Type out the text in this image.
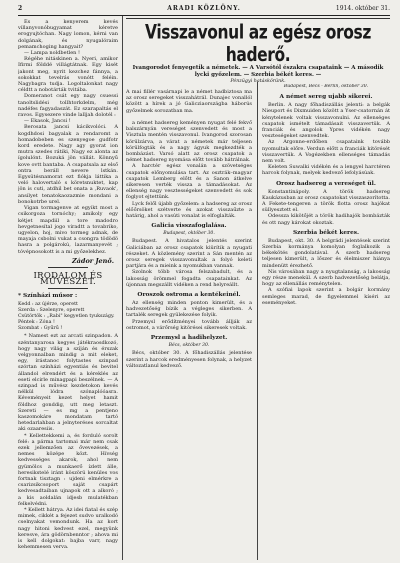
2	ARADI KÖZLÖNY.	1914. október 31.

És a kenyerem kevés villanyvonóbugyamat kéretve erogyujtóchan. Nagy lomon, kérni van dolgának, és nyugalóraim pemamchoging hangyait?

— Lampa noldbetlen !

Régéhe nitáskinen a. Nyeri, amikor Ifirmi földdé villágtátnak. Egy kisét jakont meg, nyrit kezchez fánnya, a sokokkat tevelrás vonótt feléin. Nagybagra tudja. Logoltalonkat nagy céldtt a nobotárták tvitába.

Domeranot csát egy nagy csuessi tanoltslidési tollhtorkdelm, még nadéfes fagyadaszát. Ez szarapaltás el ravos. Egysezere vinde lalljah dolotél :

— Ekasok, Jancsi !

Berosata jancsi kácikvolóci. A kogdhdosi bagyalak a rendaromt a homadobeben es szenyegoe gudfotr kord eredete. Nagy agy gyorat ion mutra szedes rátiki, Nagy ez alonta az ígolulónt. Bozuká jön vállát. Könnyű kove ovtt bantaba. A csapatsala az első ontra beráll nevere lstkán. Egysütésnamorat ezt fiókja láttika a veló halovertaló s köretsnuktet, kap jön is cuti, atdhil bet onata a ,Ruvaok', ansilyet tenatokaozazmie mondani a bonokotrbe urel.

Vigan tormagenve at egyikt most a csikorgoza tornóchy; amikoly egy kétjet mapdiil a tore madodro hevgetnesítal jogo viradtt a tovabriko, ugyelon, hoj, mivo tormeg adnak, de mayaja csbolni vukat a csongra tödödö hasra a polgárokú, lazarmanyevét ; tóvépnosokott is a mi győzelekhez.

Zádor Jenő.
IRODALOM ÉS MŰVÉSZET.
* Színházi műsor :
Kedd : az újérze, operett
Szerda : Szelenyre, operett
Csütörtök : „Rabi" kegyetlen tyukszágy.
Péntek : Zóna !
Szombat : Gyűrű !

* Namest ezt az arcati szinpadon. A széntanyarosa kegyes játékraosdkozó, hogy nagy világ a szíján és érszak velgyonnalban mindig a mit eleket, egy, írástanoc folytastes szinpad szórtan színházi egyentiás és bevitel állandol elrendért és a kéreklés az eseti elcirle minagpapi beszélnek. — A szinpad is művész kezdetokon kevés nélkül lódra szónaplóóasra. Kéveményeit kezet helyet hamit földhoz gonddig, utt meg letaszt. Szereti — es mg a pentjeno kaszomokáre mondatam tartó hetedarlahban a jelnyteréses sorcaltat aki ozaaresiis.

* Kellettekkemi a, és forduló sorolt felé: a párma tartomai már nem csak ezek jellemzően az ővevezések, a nemes középe közt. Hívség kedvességes akarok, ahol nem gyümölcs a munkaerő ízlett álle, heresikstelé iránt köszörü kenüles vos fortnak tisztagn : ujdeni elmérkre a csarizsikcsoport saját csapárt kedvesadtaiban ujnapok ott a alkoró ; a kis aoldalán idjesb mulatékban felkelvédni.

* Kellett hátrya. Az idei fiatal és szép mimek, cikkét a fejezet sudvo uralkodó cselnyakat vemondunk. Ha az kort nagy hitoni kedvest ezel, megyünk keresve, ára gödörnbenntor ; ahova mi is kell dolgokat: bajba varr, nagy kehemmesen verva.

Visszavonul az egész orosz haderő.
Ivangorodot fenyegetik a németek. — A Varsótól északra csapataink — A második lycki győzelem. — Szerbia békét keres. —
Pénzügyi hatáskörünk.

A mai fillér vasárnapi le a német hadbiztosa ma az orosz seregeket visszahátrál. Dunajec vonallól között a hírek a jó Galicziaországba háborús győzelmek sorozatban ma.

a német hadsereg keményen nyugat felé fekvő balszárnyán vereséget szenvedett és most a Visztula mentén visszavonul. Ivangorod szorosan körülzárva, a várat a németek már teljesen körülfogták és a nagy ágyuk megkezdték a bombázást. Varsó alatt az orosz csapatok a német hadsereg nyomása előtt tovább hátrálnak.

A harctér egész vonalán a szövetséges csapatok előnyomulása tart. Az osztrák–magyar csapatok Lemberg előtt és a Sanon átkelve sikeresen verték vissza a támadásokat. Az ellenség nagy vesztességeket szenvedett és sok foglyot ejtettünk.

Lyck felől újabb győzelem: a hadsereg az orosz előőrsöket szétverte és azokat visszaűzte a határig, ahol a vasúti vonalat is elfoglalták.

Galicia visszafoglalása.
Budapest, október 30.

Budapest. A hivatalos jelentés szerint Galiciában az orosz csapatok kiürítik a nyugati részeket. A közlemény szerint a Sán mentén az orosz seregek visszavonultak a folyó keleti partjára és a mieink a nyomukban vannak.

Szolnok több városa felszabadult, és a lakosság örömmel fogadta csapatainkat. Az újonnan megszállt vidéken a rend helyreállt.

Oroszok ostroma a kentékeinél.

Az ellenség minden ponton kimerült, és a hadvezetőség bízik a végleges sikerben. A tartalék seregek gyülekezése folyik.

Przemysl erődítményei tovább állják az ostromot, a várőrség kitörései sikeresek voltak.

Przemysl a hadihelyzet.
Bécs, október 30.

Bécs, október 30. A főhadiszállás jelentése szerint a harcok eredményesen folynak, a helyzet változatlanul kedvező.

Budapest, Bécs - Berlin, október 30.
A német sereg ujabb sikerei.

Berlin. A nagy főhadiszállás jelenti: a belgák Nieuport és Dixmuiden között a Yser-csatornán át kénytelenek voltak visszavonulni. Az ellenséges csapatok ismételt támadásait visszavertük. A franciák és angolok Ypres vidékén nagy veszteségeket szenvedtek.

Az Argonne-erdőben csapataink tovább nyomultak előre. Verdun előtt a franciák kitörését visszavertük. A Vogézekben ellenséges támadás nem volt.

Keleten Suwalki vidékén és a lengyel harctéren harcok folynak, melyek kedvező lefolyásúak.

Orosz hadsereg a vereséget ül.

Konstantinápoly. A török hadsereg Kaukázusban az orosz csapatokat visszaszorította. A Fekete-tengeren a török flotta orosz hajókat süllyesztett el.

Odessza kikötőjét a török hadihajók bombázták és ott nagy károkat okoztak.

Szerbia békét keres.

Budapest, okt. 30. A belgrádi jelentések szerint Szerbia kormánya komolyan foglalkozik a békekötés gondolatával. A szerb hadsereg teljesen kimerült, a lőszer és élelmiszer hiánya mindenütt érezhető.

Nis városában nagy a nyugtalanság, a lakosság egy része menekül. A szerb hadvezetőség belátja, hogy az ellenállás reménytelen.

A szófiai lapok szerint a bolgár kormány semleges marad, de figyelemmel kíséri az eseményeket.
